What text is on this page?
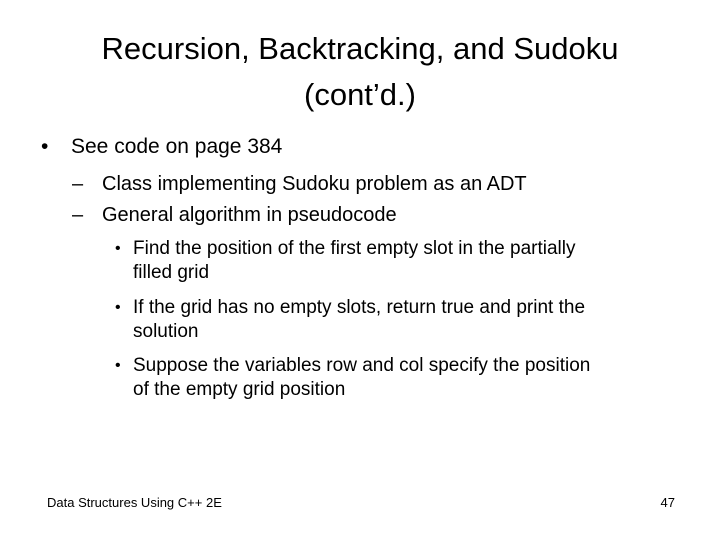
Recursion, Backtracking, and Sudoku
(cont’d.)
• See code on page 384
– Class implementing Sudoku problem as an ADT
– General algorithm in pseudocode
• Find the position of the first empty slot in the partially
filled grid
• If the grid has no empty slots, return true and print the
solution
• Suppose the variables row and col specify the position
of the empty grid position
Data Structures Using C++ 2E	47
